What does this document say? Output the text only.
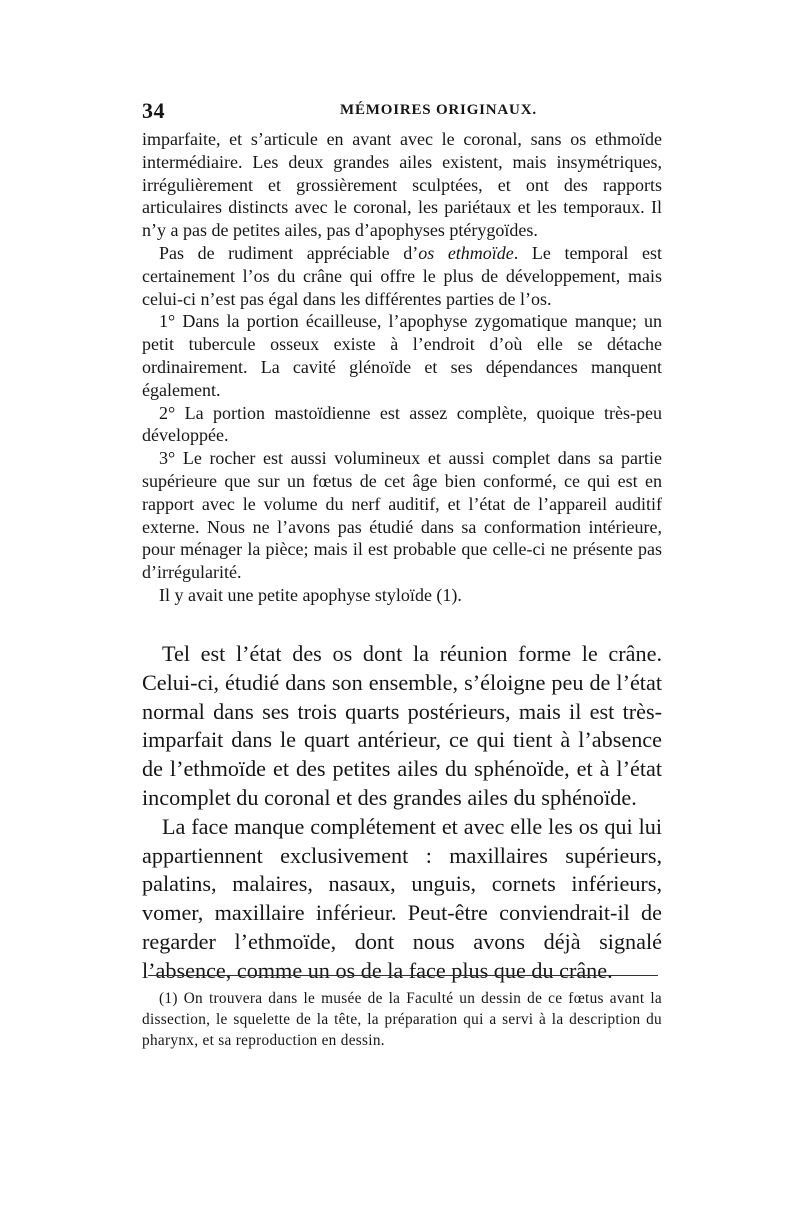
34	MÉMOIRES ORIGINAUX.

imparfaite, et s’articule en avant avec le coronal, sans os ethmoïde intermédiaire. Les deux grandes ailes existent, mais insymétriques, irrégulièrement et grossièrement sculptées, et ont des rapports articulaires distincts avec le coronal, les pariétaux et les temporaux. Il n’y a pas de petites ailes, pas d’apophyses ptérygoïdes.

Pas de rudiment appréciable d’os ethmoïde. Le temporal est certainement l’os du crâne qui offre le plus de développement, mais celui-ci n’est pas égal dans les différentes parties de l’os.

1° Dans la portion écailleuse, l’apophyse zygomatique manque; un petit tubercule osseux existe à l’endroit d’où elle se détache ordinairement. La cavité glénoïde et ses dépendances manquent également.

2° La portion mastoïdienne est assez complète, quoique très-peu développée.

3° Le rocher est aussi volumineux et aussi complet dans sa partie supérieure que sur un fœtus de cet âge bien conformé, ce qui est en rapport avec le volume du nerf auditif, et l’état de l’appareil auditif externe. Nous ne l’avons pas étudié dans sa conformation intérieure, pour ménager la pièce; mais il est probable que celle-ci ne présente pas d’irrégularité.

Il y avait une petite apophyse styloïde (1).

Tel est l’état des os dont la réunion forme le crâne. Celui-ci, étudié dans son ensemble, s’éloigne peu de l’état normal dans ses trois quarts postérieurs, mais il est très-imparfait dans le quart antérieur, ce qui tient à l’absence de l’ethmoïde et des petites ailes du sphénoïde, et à l’état incomplet du coronal et des grandes ailes du sphénoïde.

La face manque complétement et avec elle les os qui lui appartiennent exclusivement : maxillaires supérieurs, palatins, malaires, nasaux, unguis, cornets inférieurs, vomer, maxillaire inférieur. Peut-être conviendrait-il de regarder l’ethmoïde, dont nous avons déjà signalé l’absence, comme un os de la face plus que du crâne.

(1) On trouvera dans le musée de la Faculté un dessin de ce fœtus avant la dissection, le squelette de la tête, la préparation qui a servi à la description du pharynx, et sa reproduction en dessin.
